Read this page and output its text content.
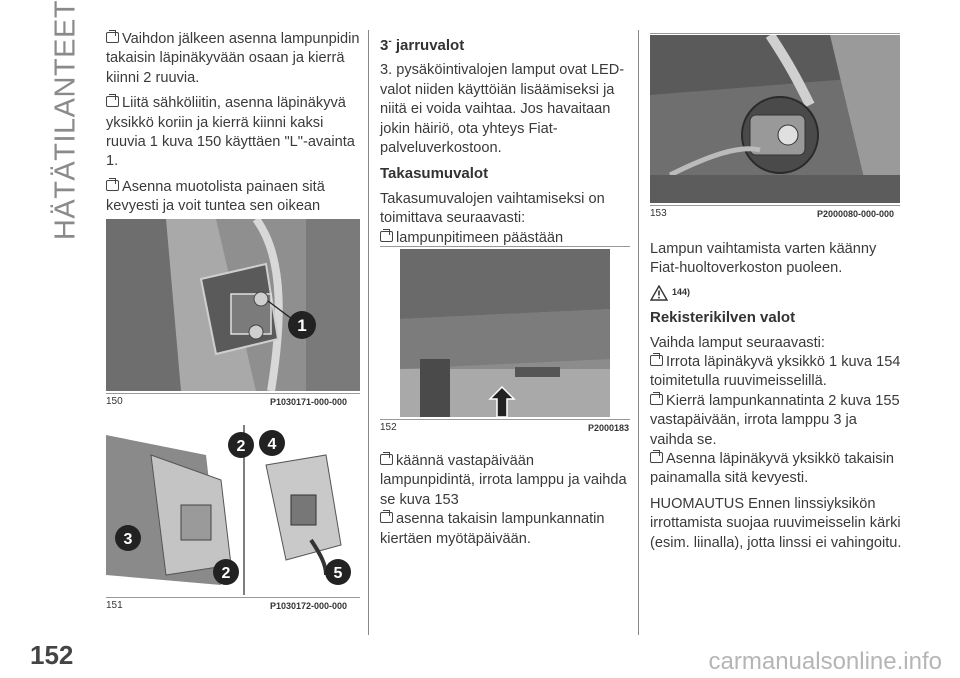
HÄTÄTILANTEET
152	carmanualsonline.info

Vaihdon jälkeen asenna lampunpidin takaisin läpinäkyvään osaan ja kierrä kiinni 2 ruuvia.

Liitä sähköliitin, asenna läpinäkyvä yksikkö koriin ja kierrä kiinni kaksi ruuvia 1 kuva 150 käyttäen "L"-avainta 1.

Asenna muotolista painaen sitä kevyesti ja voit tuntea sen oikean

1
150	P1030171-000-000
2
3
2
4
5
151	P1030172-000-000
3- jarruvalot

3. pysäköintivalojen lamput ovat LED-valot niiden käyttöiän lisäämiseksi ja niitä ei voida vaihtaa. Jos havaitaan jokin häiriö, ota yhteys Fiat-palveluverkostoon.

Takasumuvalot

Takasumuvalojen vaihtamiseksi on toimittava seuraavasti:

lampunpitimeen päästään

152	P2000183

käännä vastapäivään lampunpidintä, irrota lamppu ja vaihda se kuva 153

asenna takaisin lampunkannatin kiertäen myötäpäivään.

153	P2000080-000-000

Lampun vaihtamista varten käänny Fiat-huoltoverkoston puoleen.

144)
Rekisterikilven valot

Vaihda lamput seuraavasti:

Irrota läpinäkyvä yksikkö 1 kuva 154 toimitetulla ruuvimeisselillä.

Kierrä lampunkannatinta 2 kuva 155 vastapäivään, irrota lamppu 3 ja vaihda se.

Asenna läpinäkyvä yksikkö takaisin painamalla sitä kevyesti.

HUOMAUTUS Ennen linssiyksikön irrottamista suojaa ruuvimeisselin kärki (esim. liinalla), jotta linssi ei vahingoitu.
